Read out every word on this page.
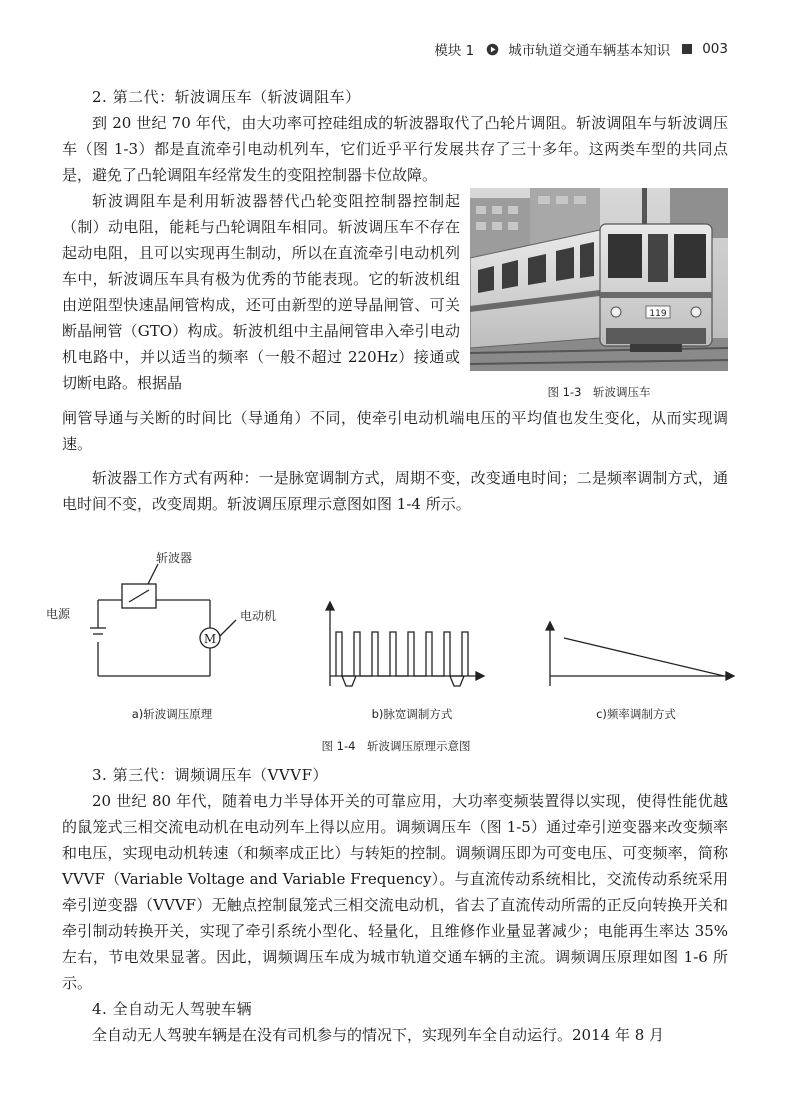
模块 1	城市轨道交通车辆基本知识 003

2. 第二代：斩波调压车（斩波调阻车）

到 20 世纪 70 年代，由大功率可控硅组成的斩波器取代了凸轮片调阻。斩波调阻车与斩波调压车（图 1-3）都是直流牵引电动机列车，它们近乎平行发展共存了三十多年。这两类车型的共同点是，避免了凸轮调阻车经常发生的变阻控制器卡位故障。

斩波调阻车是利用斩波器替代凸轮变阻控制器控制起（制）动电阻，能耗与凸轮调阻车相同。斩波调压车不存在起动电阻，且可以实现再生制动，所以在直流牵引电动机列车中，斩波调压车具有极为优秀的节能表现。它的斩波机组由逆阻型快速晶闸管构成，还可由新型的逆导晶闸管、可关断晶闸管（GTO）构成。斩波机组中主晶闸管串入牵引电动机电路中，并以适当的频率（一般不超过 220Hz）接通或切断电路。根据晶

119
图 1-3　斩波调压车

闸管导通与关断的时间比（导通角）不同，使牵引电动机端电压的平均值也发生变化，从而实现调速。

斩波器工作方式有两种：一是脉宽调制方式，周期不变，改变通电时间；二是频率调制方式，通电时间不变，改变周期。斩波调压原理示意图如图 1-4 所示。

斩波器
电源	电动机
M
a)斩波调压原理	b)脉宽调制方式	c)频率调制方式
图 1-4　斩波调压原理示意图

3. 第三代：调频调压车（VVVF）

20 世纪 80 年代，随着电力半导体开关的可靠应用，大功率变频装置得以实现，使得性能优越的鼠笼式三相交流电动机在电动列车上得以应用。调频调压车（图 1-5）通过牵引逆变器来改变频率和电压，实现电动机转速（和频率成正比）与转矩的控制。调频调压即为可变电压、可变频率，简称 VVVF（Variable Voltage and Variable Frequency）。与直流传动系统相比，交流传动系统采用牵引逆变器（VVVF）无触点控制鼠笼式三相交流电动机，省去了直流传动所需的正反向转换开关和牵引制动转换开关，实现了牵引系统小型化、轻量化，且维修作业量显著减少；电能再生率达 35% 左右，节电效果显著。因此，调频调压车成为城市轨道交通车辆的主流。调频调压原理如图 1-6 所示。

4. 全自动无人驾驶车辆

全自动无人驾驶车辆是在没有司机参与的情况下，实现列车全自动运行。2014 年 8 月
